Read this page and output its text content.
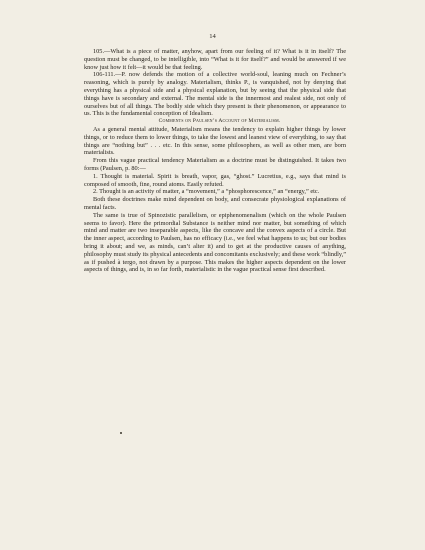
14

105.—What is a piece of matter, anyhow, apart from our feeling of it? What is it in itself? The question must be changed, to be intelligible, into “What is it for itself?” and would be answered if we know just how it felt—it would be that feeling.

106-111.—P. now defends the motion of a collective world-soul, leaning much on Fechner’s reasoning, which is purely by analogy. Materialism, thinks P., is vanquished, not by denying that everything has a physical side and a physical explanation, but by seeing that the physical side that things have is secondary and external. The mental side is the innermost and realest side, not only of ourselves but of all things. The bodily side which they present is their phenomenon, or appearance to us. This is the fundamental conception of Idealism.

Comments on Paulsen’s Account of Materialism.

As a general mental attitude, Materialism means the tendency to explain higher things by lower things, or to reduce them to lower things, to take the lowest and leanest view of everything, to say that things are “nothing but” . . . etc. In this sense, some philosophers, as well as other men, are born materialists.

From this vague practical tendency Materialism as a doctrine must be distinguished. It takes two forms (Paulsen, p. 80:—

1. Thought is material. Spirit is breath, vapor, gas, “ghost.” Lucretius, e.g., says that mind is composed of smooth, fine, round atoms. Easily refuted.

2. Thought is an activity of matter, a “movement,” a “phosphorescence,” an “energy,” etc.

Both these doctrines make mind dependent on body, and consecrate physiological explanations of mental facts.

The same is true of Spinozistic parallelism, or epiphenomenalism (which on the whole Paulsen seems to favor). Here the primordial Substance is neither mind nor matter, but something of which mind and matter are two inseparable aspects, like the concave and the convex aspects of a circle. But the inner aspect, according to Paulsen, has no efficacy (i.e., we feel what happens to us; but our bodies bring it about; and we, as minds, can’t alter it) and to get at the productive causes of anything, philosophy must study its physical antecedents and concomitants exclusively; and these work “blindly,” as if pushed à tergo, not drawn by a purpose. This makes the higher aspects dependent on the lower aspects of things, and is, in so far forth, materialistic in the vague practical sense first described.
